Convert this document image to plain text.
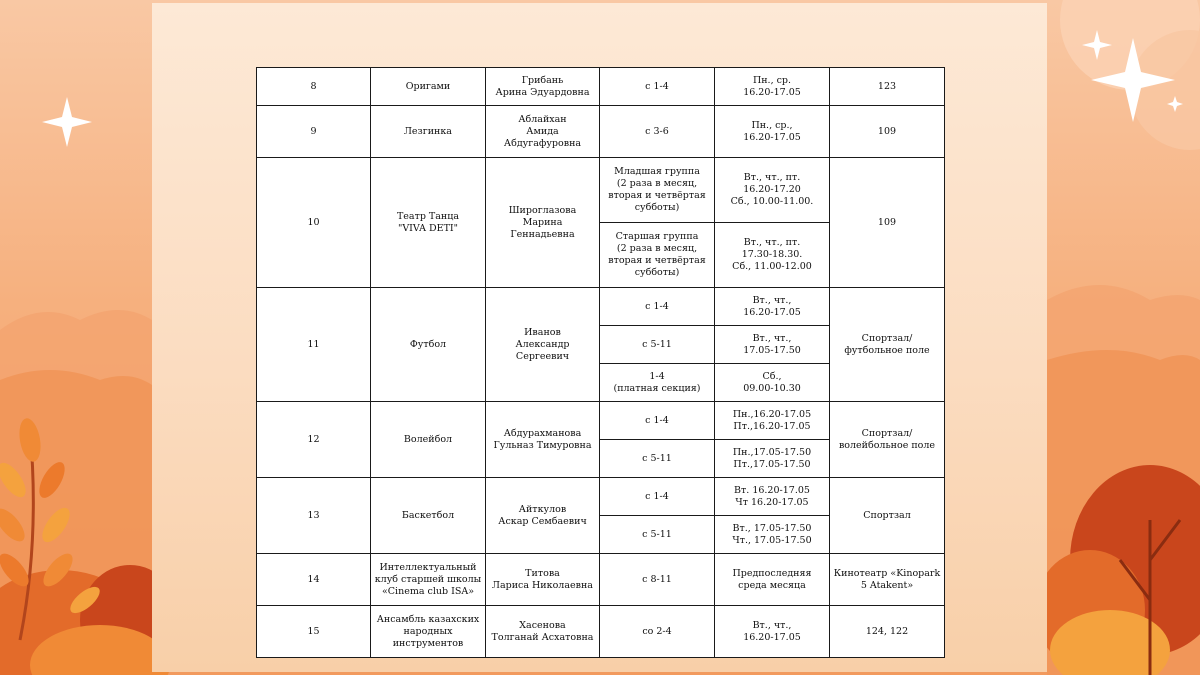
8	Оригами	Грибань
Арина Эдуардовна	с 1-4	Пн., ср.
16.20-17.05	123

9	Лезгинка	Аблайхан
Амида
Абдугафуровна	с 3-6	Пн., ср.,
16.20-17.05	109

10	Театр Танца
"VIVA DETI"	Широглазова
Марина Геннадьевна	Младшая группа
(2 раза в месяц,
вторая и четвёртая
субботы)	Вт., чт., пт.
16.20-17.20
Сб., 10.00-11.00.	109

			Старшая группа
(2 раза в месяц,
вторая и четвёртая
субботы)	Вт., чт., пт.
17.30-18.30.
Сб., 11.00-12.00	

11	Футбол	Иванов
Александр
Сергеевич	с 1-4	Вт., чт.,
16.20-17.05	Спортзал/
футбольное поле

			с 5-11	Вт., чт.,
17.05-17.50	

			1-4
(платная секция)	Сб.,
09.00-10.30	

12	Волейбол	Абдурахманова
Гульназ Тимуровна	с 1-4	Пн.,16.20-17.05
Пт.,16.20-17.05	Спортзал/
волейбольное поле

			с 5-11	Пн.,17.05-17.50
Пт.,17.05-17.50	

13	Баскетбол	Айткулов
Аскар Сембаевич	с 1-4	Вт. 16.20-17.05
Чт 16.20-17.05	Спортзал

			с 5-11	Вт., 17.05-17.50
Чт., 17.05-17.50	

14	Интеллектуальный
клуб старшей школы
«Cinema club ISA»	Титова
Лариса Николаевна	с 8-11	Предпоследняя
среда месяца	Кинотеатр «Kinopark
5 Atakent»

15	Ансамбль казахских
народных
инструментов	Хасенова
Толганай Асхатовна	со 2-4	Вт., чт.,
16.20-17.05	124, 122
